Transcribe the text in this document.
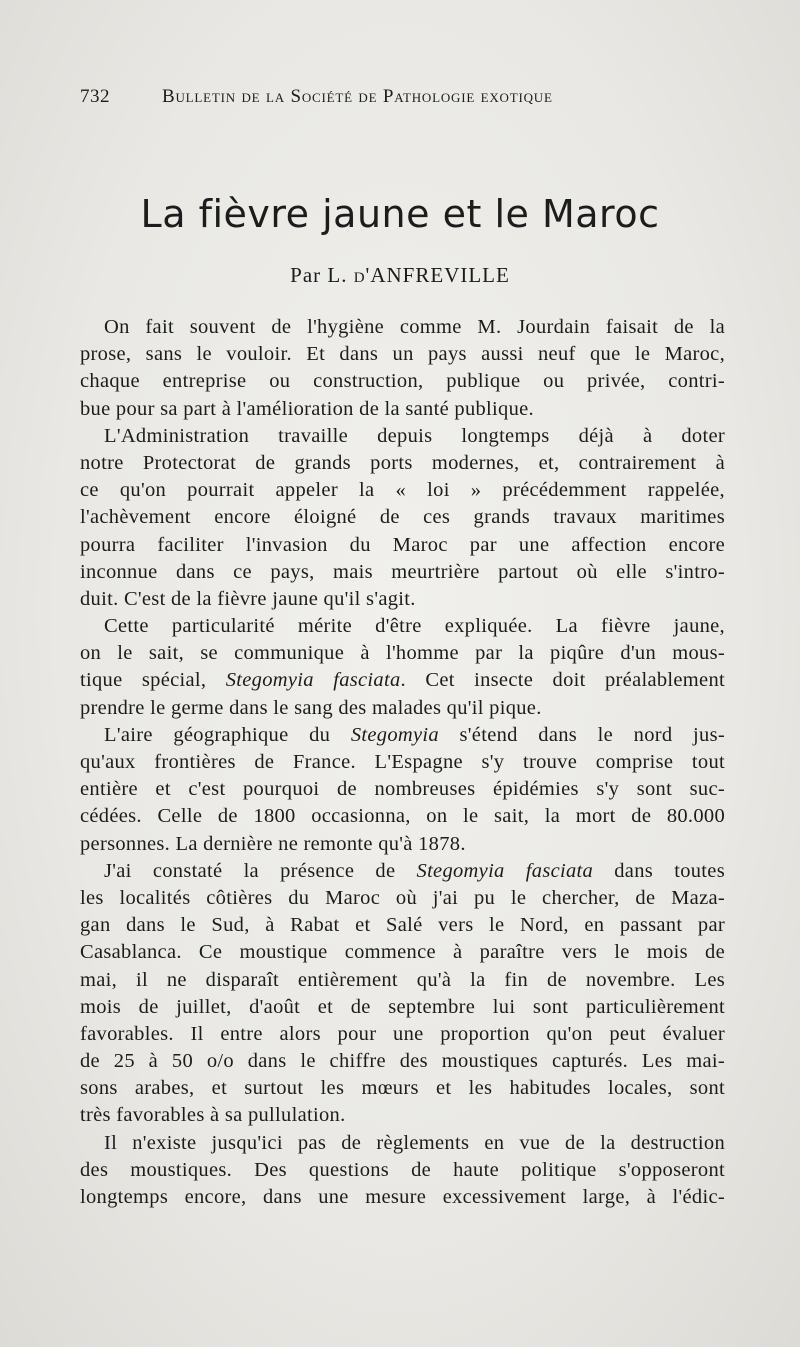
732	Bulletin de la Société de Pathologie exotique
La fièvre jaune et le Maroc
Par L. d'ANFREVILLE
On fait souvent de l'hygiène comme M. Jourdain faisait de la
prose, sans le vouloir. Et dans un pays aussi neuf que le Maroc,
chaque entreprise ou construction, publique ou privée, contri-
bue pour sa part à l'amélioration de la santé publique.
L'Administration travaille depuis longtemps déjà à doter
notre Protectorat de grands ports modernes, et, contrairement à
ce qu'on pourrait appeler la « loi » précédemment rappelée,
l'achèvement encore éloigné de ces grands travaux maritimes
pourra faciliter l'invasion du Maroc par une affection encore
inconnue dans ce pays, mais meurtrière partout où elle s'intro-
duit. C'est de la fièvre jaune qu'il s'agit.
Cette particularité mérite d'être expliquée. La fièvre jaune,
on le sait, se communique à l'homme par la piqûre d'un mous-
tique spécial, Stegomyia fasciata. Cet insecte doit préalablement
prendre le germe dans le sang des malades qu'il pique.
L'aire géographique du Stegomyia s'étend dans le nord jus-
qu'aux frontières de France. L'Espagne s'y trouve comprise tout
entière et c'est pourquoi de nombreuses épidémies s'y sont suc-
cédées. Celle de 1800 occasionna, on le sait, la mort de 80.000
personnes. La dernière ne remonte qu'à 1878.
J'ai constaté la présence de Stegomyia fasciata dans toutes
les localités côtières du Maroc où j'ai pu le chercher, de Maza-
gan dans le Sud, à Rabat et Salé vers le Nord, en passant par
Casablanca. Ce moustique commence à paraître vers le mois de
mai, il ne disparaît entièrement qu'à la fin de novembre. Les
mois de juillet, d'août et de septembre lui sont particulièrement
favorables. Il entre alors pour une proportion qu'on peut évaluer
de 25 à 50 o/o dans le chiffre des moustiques capturés. Les mai-
sons arabes, et surtout les mœurs et les habitudes locales, sont
très favorables à sa pullulation.
Il n'existe jusqu'ici pas de règlements en vue de la destruction
des moustiques. Des questions de haute politique s'opposeront
longtemps encore, dans une mesure excessivement large, à l'édic-
